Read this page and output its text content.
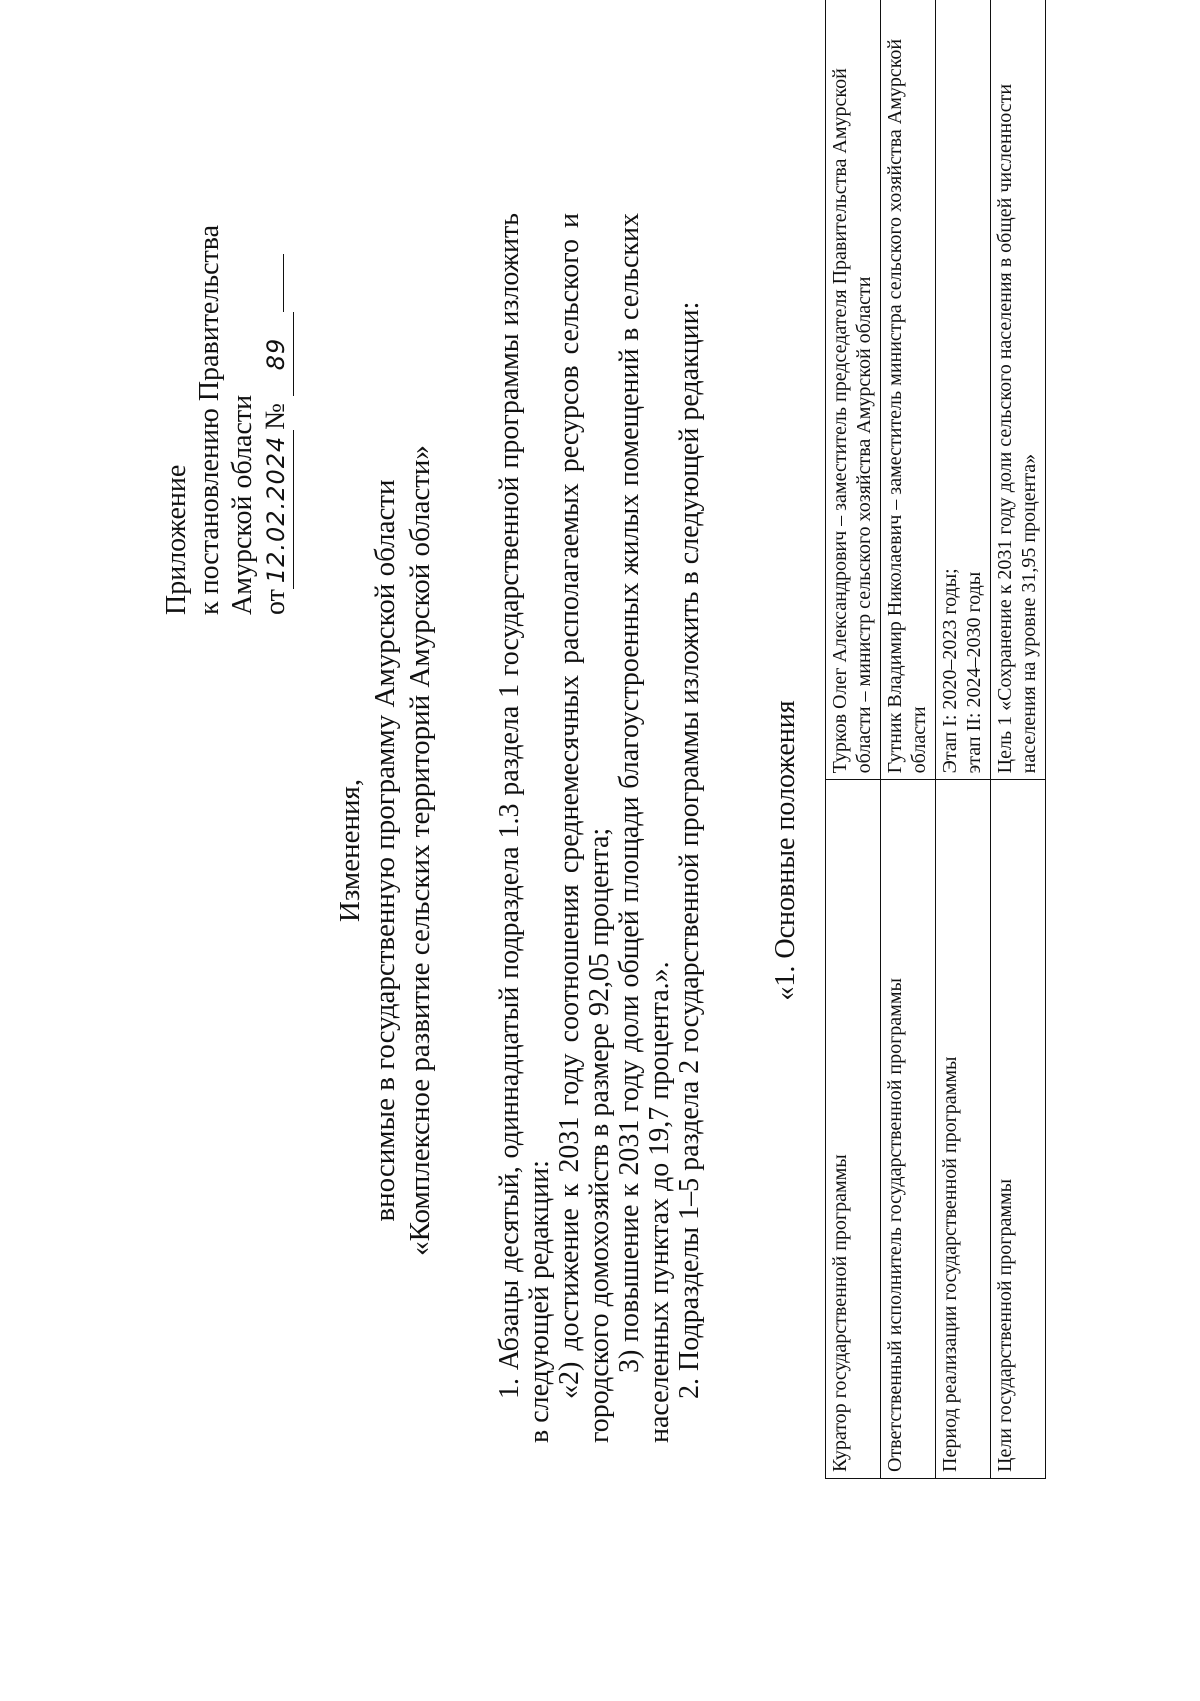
Приложение к постановлению Правительства Амурской области от12.02.2024№ 89
Изменения, вносимые в государственную программу Амурской области «Комплексное развитие сельских территорий Амурской области» 1. Абзацы десятый, одиннадцатый подраздела 1.3 раздела 1 государственной программы изложить в следующей редакции: «2) достижение к 2031 году соотношения среднемесячных располагаемых ресурсов сельского и городского домохозяйств в размере 92,05 процента; 3) повышение к 2031 году доли общей площади благоустроенных жилых помещений в сельских населенных пунктах до 19,7 процента.». 2. Подразделы 1–5 раздела 2 государственной программы изложить в следующей редакции: «1. Основные положения
Куратор государственной программы	Турков Олег Александрович – заместитель председателя Правительства Амурской области – министр сельского хозяйства Амурской области
Ответственный исполнитель государственной программы	Гутник Владимир Николаевич – заместитель министра сельского хозяйства Амурской области
Период реализации государственной программы	Этап I: 2020–2023 годы; этап II: 2024–2030 годы

Цели государственной программы	Цель 1 «Сохранение к 2031 году доли сельского населения в общей численности населения на уровне 31,95 процента»
